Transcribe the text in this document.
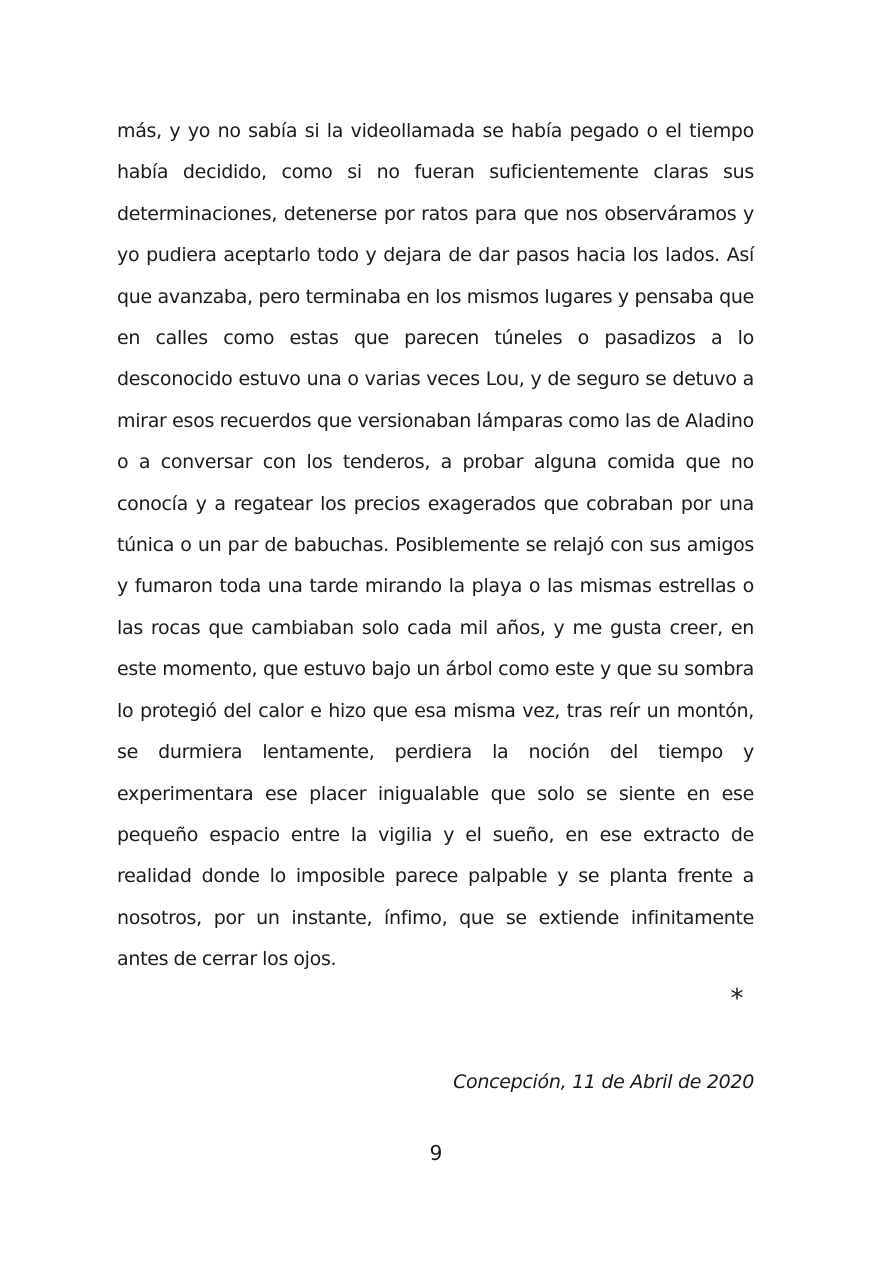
más, y yo no sabía si la videollamada se había pegado o el tiempo había decidido, como si no fueran suficientemente claras sus determinaciones, detenerse por ratos para que nos observáramos y yo pudiera aceptarlo todo y dejara de dar pasos hacia los lados. Así que avanzaba, pero terminaba en los mismos lugares y pensaba que en calles como estas que parecen túneles o pasadizos a lo desconocido estuvo una o varias veces Lou, y de seguro se detuvo a mirar esos recuerdos que versionaban lámparas como las de Aladino o a conversar con los tenderos, a probar alguna comida que no conocía y a regatear los precios exagerados que cobraban por una túnica o un par de babuchas. Posiblemente se relajó con sus amigos y fumaron toda una tarde mirando la playa o las mismas estrellas o las rocas que cambiaban solo cada mil años, y me gusta creer, en este momento, que estuvo bajo un árbol como este y que su sombra lo protegió del calor e hizo que esa misma vez, tras reír un montón, se durmiera lentamente, perdiera la noción del tiempo y experimentara ese placer inigualable que solo se siente en ese pequeño espacio entre la vigilia y el sueño, en ese extracto de realidad donde lo imposible parece palpable y se planta frente a nosotros, por un instante, ínfimo, que se extiende infinitamente antes de cerrar los ojos.

*
Concepción, 11 de Abril de 2020
9
